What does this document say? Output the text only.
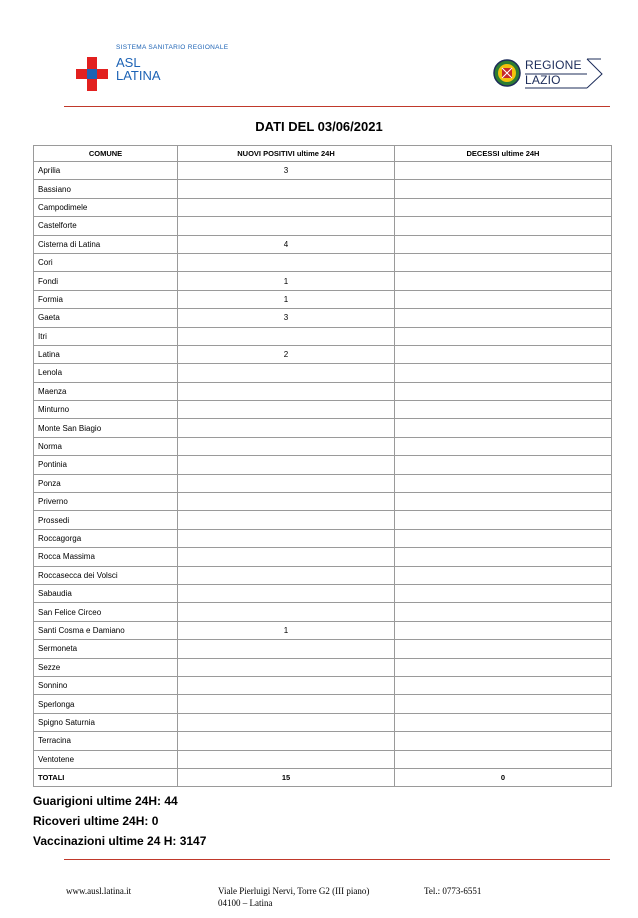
SISTEMA SANITARIO REGIONALE
ASL
LATINA
REGIONE
LAZIO
DATI DEL 03/06/2021
COMUNE	NUOVI POSITIVI ultime 24H	DECESSI ultime 24H
Aprilia	3	
Bassiano		
Campodimele		
Castelforte		
Cisterna di Latina	4	
Cori		
Fondi	1	
Formia	1	
Gaeta	3	
Itri		
Latina	2	
Lenola		
Maenza		
Minturno		
Monte San Biagio		
Norma		
Pontinia		
Ponza		
Priverno		
Prossedi		
Roccagorga		
Rocca Massima		
Roccasecca dei Volsci		
Sabaudia		
San Felice Circeo		
Santi Cosma e Damiano	1	
Sermoneta		
Sezze		
Sonnino		
Sperlonga		
Spigno Saturnia		
Terracina		
Ventotene		
TOTALI	15	0
Guarigioni ultime 24H: 44
Ricoveri ultime 24H: 0
Vaccinazioni ultime 24 H: 3147
www.ausl.latina.it	Viale Pierluigi Nervi, Torre G2 (III piano)
04100 – Latina
Tel.: 0773-6551
